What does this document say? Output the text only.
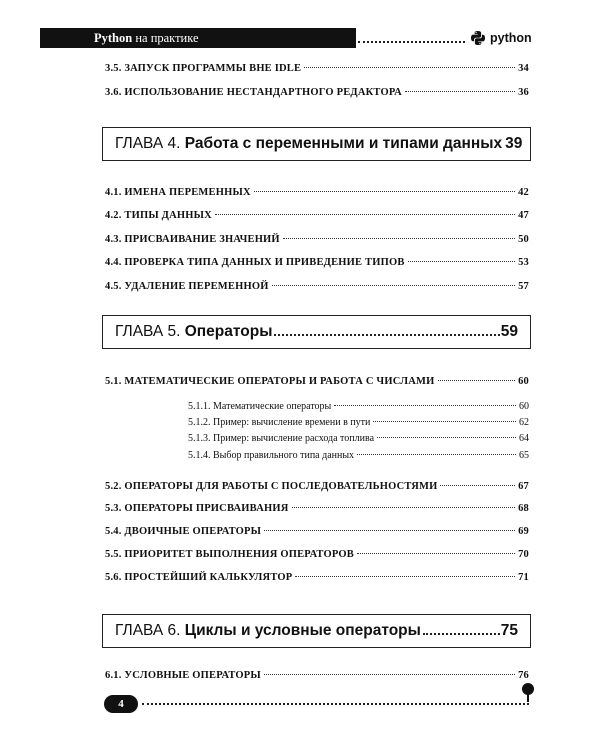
Python на практике	python
3.5. ЗАПУСК ПРОГРАММЫ ВНЕ IDLE	34
3.6. ИСПОЛЬЗОВАНИЕ НЕСТАНДАРТНОГО РЕДАКТОРА	36
ГЛАВА 4. Работа с переменными и типами данных 39
4.1. ИМЕНА ПЕРЕМЕННЫХ	42
4.2. ТИПЫ ДАННЫХ	47
4.3. ПРИСВАИВАНИЕ ЗНАЧЕНИЙ	50
4.4. ПРОВЕРКА ТИПА ДАННЫХ И ПРИВЕДЕНИЕ ТИПОВ	53
4.5. УДАЛЕНИЕ ПЕРЕМЕННОЙ	57
ГЛАВА 5. Операторы	59
5.1. МАТЕМАТИЧЕСКИЕ ОПЕРАТОРЫ И РАБОТА С ЧИСЛАМИ	60
5.1.1. Математические операторы	60
5.1.2. Пример: вычисление времени в пути	62
5.1.3. Пример: вычисление расхода топлива	64
5.1.4. Выбор правильного типа данных	65
5.2. ОПЕРАТОРЫ ДЛЯ РАБОТЫ С ПОСЛЕДОВАТЕЛЬНОСТЯМИ	67
5.3. ОПЕРАТОРЫ ПРИСВАИВАНИЯ	68
5.4. ДВОИЧНЫЕ ОПЕРАТОРЫ	69
5.5. ПРИОРИТЕТ ВЫПОЛНЕНИЯ ОПЕРАТОРОВ	70
5.6. ПРОСТЕЙШИЙ КАЛЬКУЛЯТОР	71
ГЛАВА 6. Циклы и условные операторы	75
6.1. УСЛОВНЫЕ ОПЕРАТОРЫ	76
4
